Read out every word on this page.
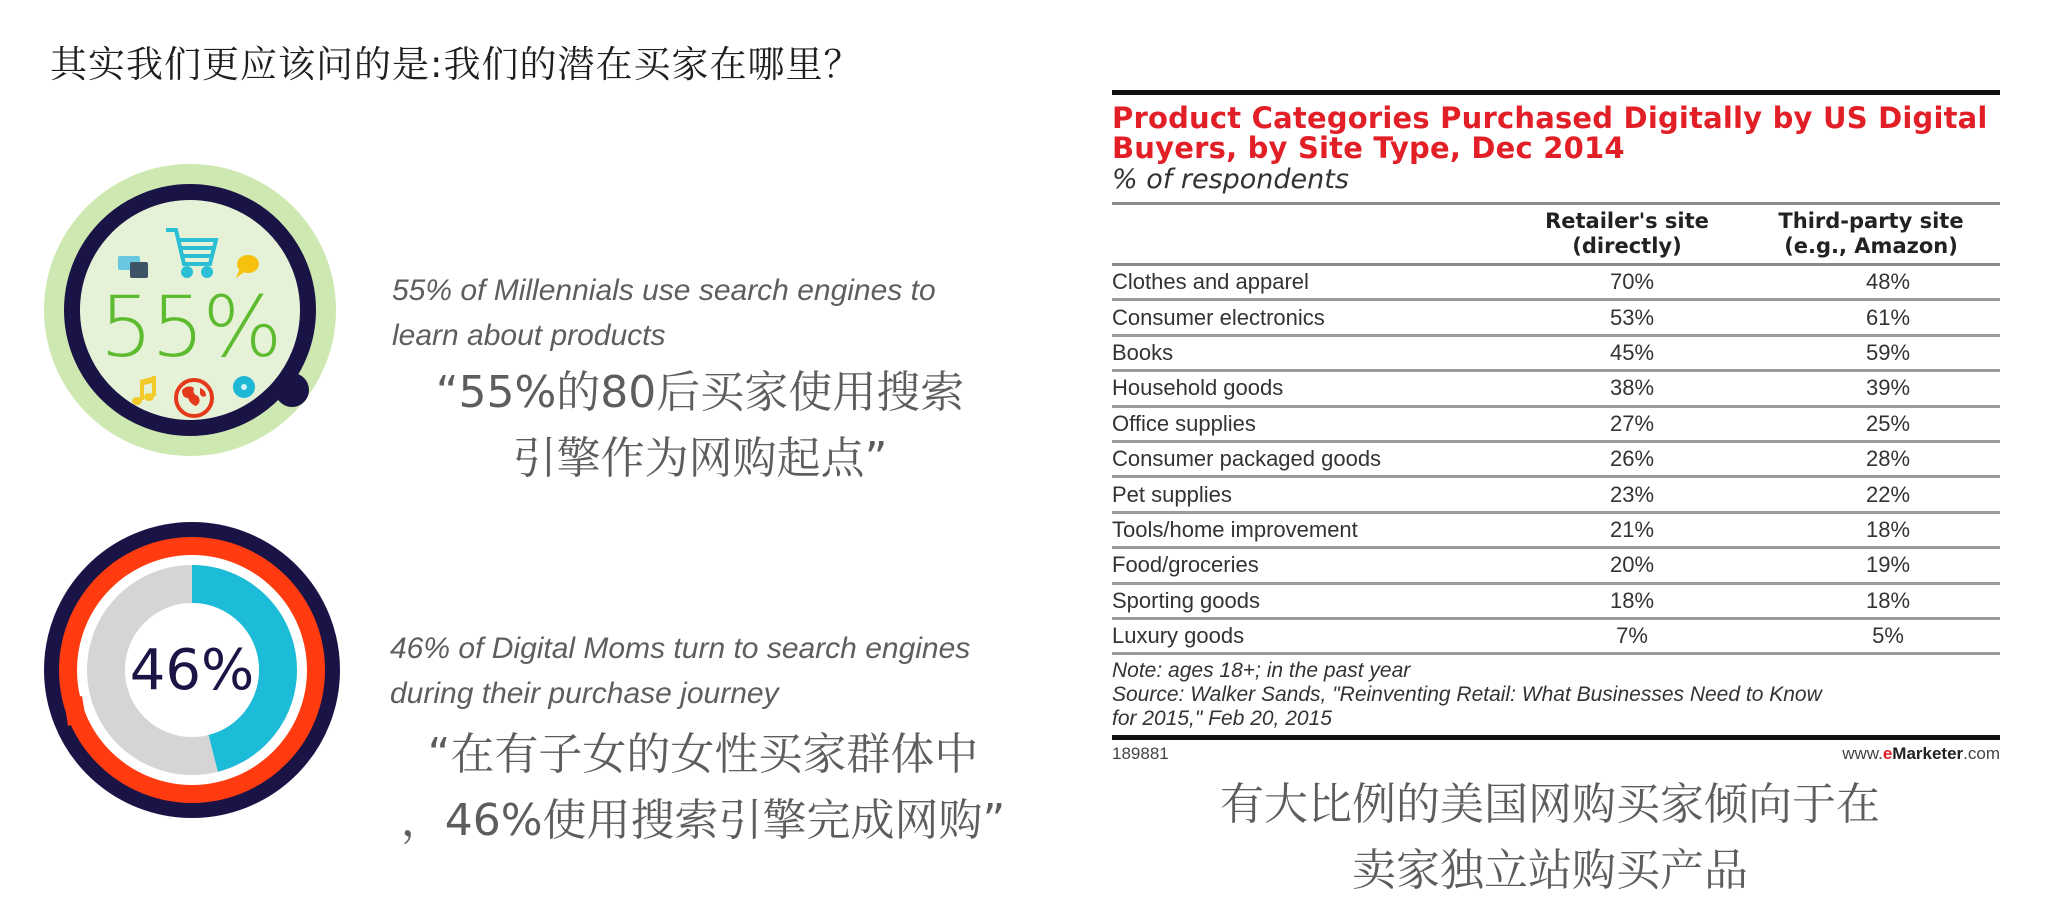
其实我们更应该问的是:我们的潜在买家在哪里？
55%	55% of Millennials use search engines to
learn about products
“55%的80后买家使用搜索
引擎作为网购起点”
46%	46% of Digital Moms turn to search engines
during their purchase journey
“在有子女的女性买家群体中
，46%使用搜索引擎完成网购”
Product Categories Purchased Digitally by US Digital
Buyers, by Site Type, Dec 2014
% of respondents

Retailer's site
(directly)

Third-party site
(e.g., Amazon)

Clothes and apparel	70%	48%
Consumer electronics	53%	61%
Books	45%	59%
Household goods	38%	39%
Office supplies	27%	25%
Consumer packaged goods	26%	28%
Pet supplies	23%	22%
Tools/home improvement	21%	18%
Food/groceries	20%	19%
Sporting goods	18%	18%
Luxury goods	7%	5%
Note: ages 18+; in the past year
Source: Walker Sands, "Reinventing Retail: What Businesses Need to Know
for 2015," Feb 20, 2015
189881	www.eMarketer.com
有大比例的美国网购买家倾向于在
卖家独立站购买产品
